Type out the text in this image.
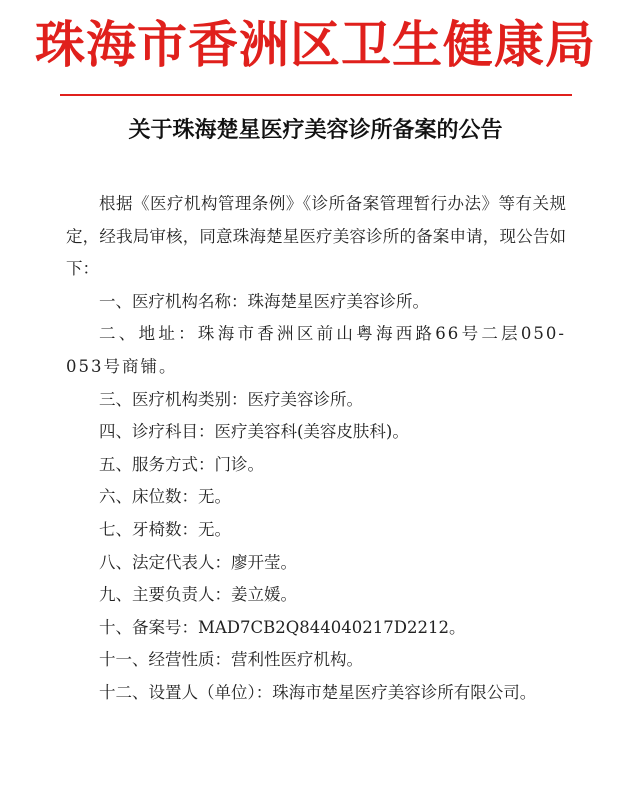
珠海市香洲区卫生健康局
关于珠海楚星医疗美容诊所备案的公告

根据《医疗机构管理条例》《诊所备案管理暂行办法》等有关规定，经我局审核，同意珠海楚星医疗美容诊所的备案申请，现公告如下：

一、医疗机构名称：珠海楚星医疗美容诊所。

二、地址：珠海市香洲区前山粤海西路66号二层050-053号商铺。

三、医疗机构类别：医疗美容诊所。

四、诊疗科目：医疗美容科(美容皮肤科)。

五、服务方式：门诊。

六、床位数：无。

七、牙椅数：无。

八、法定代表人：廖开莹。

九、主要负责人：姜立媛。

十、备案号：MAD7CB2Q844040217D2212。

十一、经营性质：营利性医疗机构。

十二、设置人（单位）：珠海市楚星医疗美容诊所有限公司。
